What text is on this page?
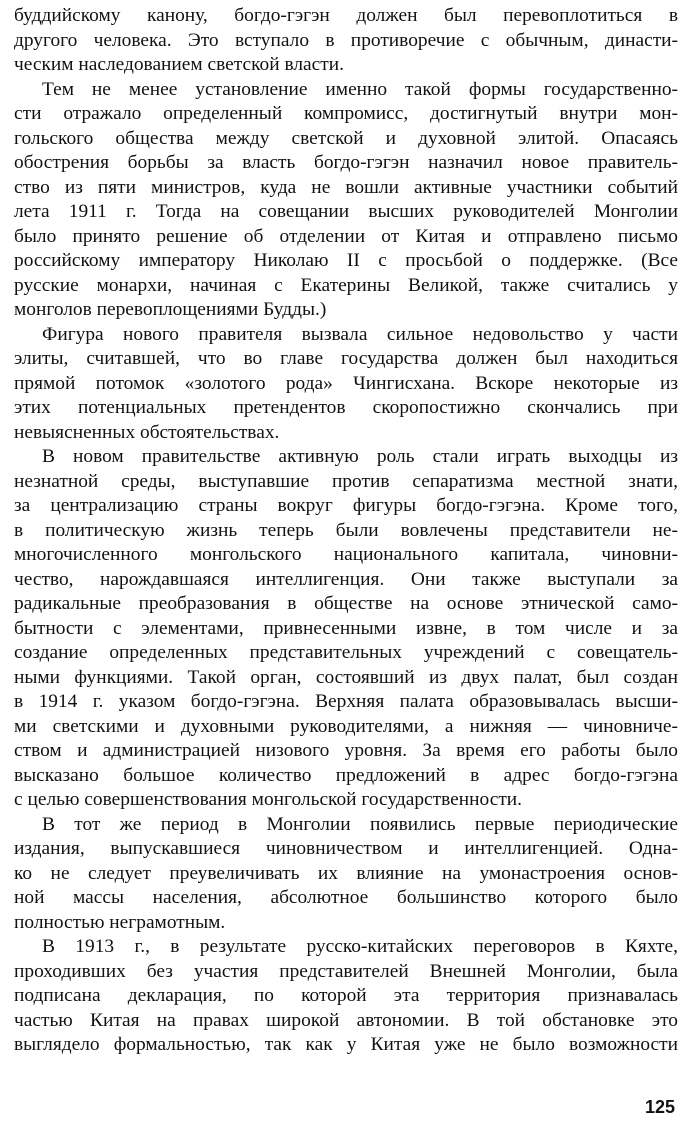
буддийскому канону, богдо-гэгэн должен был перевоплотиться в
другого человека. Это вступало в противоречие с обычным, династи-
ческим наследованием светской власти.
Тем не менее установление именно такой формы государственно-
сти отражало определенный компромисс, достигнутый внутри мон-
гольского общества между светской и духовной элитой. Опасаясь
обострения борьбы за власть богдо-гэгэн назначил новое правитель-
ство из пяти министров, куда не вошли активные участники событий
лета 1911 г. Тогда на совещании высших руководителей Монголии
было принято решение об отделении от Китая и отправлено письмо
российскому императору Николаю II с просьбой о поддержке. (Все
русские монархи, начиная с Екатерины Великой, также считались у
монголов перевоплощениями Будды.)
Фигура нового правителя вызвала сильное недовольство у части
элиты, считавшей, что во главе государства должен был находиться
прямой потомок «золотого рода» Чингисхана. Вскоре некоторые из
этих потенциальных претендентов скоропостижно скончались при
невыясненных обстоятельствах.
В новом правительстве активную роль стали играть выходцы из
незнатной среды, выступавшие против сепаратизма местной знати,
за централизацию страны вокруг фигуры богдо-гэгэна. Кроме того,
в политическую жизнь теперь были вовлечены представители не-
многочисленного монгольского национального капитала, чиновни-
чество, нарождавшаяся интеллигенция. Они также выступали за
радикальные преобразования в обществе на основе этнической само-
бытности с элементами, привнесенными извне, в том числе и за
создание определенных представительных учреждений с совещатель-
ными функциями. Такой орган, состоявший из двух палат, был создан
в 1914 г. указом богдо-гэгэна. Верхняя палата образовывалась высши-
ми светскими и духовными руководителями, а нижняя — чиновниче-
ством и администрацией низового уровня. За время его работы было
высказано большое количество предложений в адрес богдо-гэгэна
с целью совершенствования монгольской государственности.
В тот же период в Монголии появились первые периодические
издания, выпускавшиеся чиновничеством и интеллигенцией. Одна-
ко не следует преувеличивать их влияние на умонастроения основ-
ной массы населения, абсолютное большинство которого было
полностью неграмотным.
В 1913 г., в результате русско-китайских переговоров в Кяхте,
проходивших без участия представителей Внешней Монголии, была
подписана декларация, по которой эта территория признавалась
частью Китая на правах широкой автономии. В той обстановке это
выглядело формальностью, так как у Китая уже не было возможности
125
